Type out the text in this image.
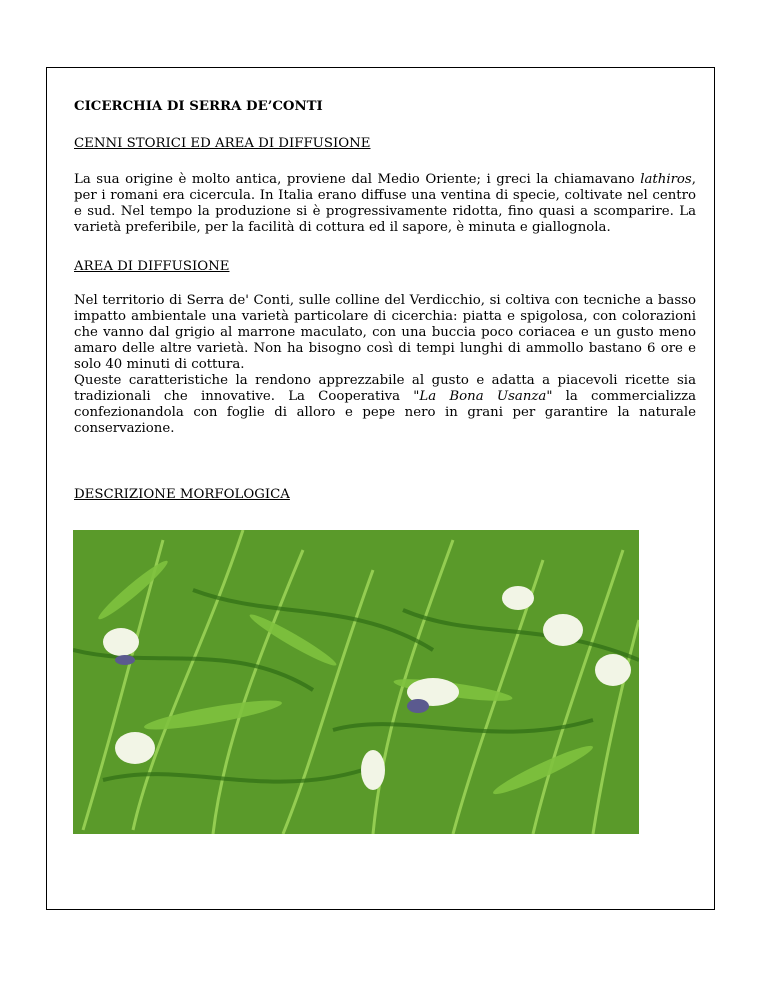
CICERCHIA DI SERRA DE’CONTI
CENNI STORICI ED AREA DI DIFFUSIONE

La sua origine è molto antica, proviene dal Medio Oriente; i greci la chiamavano lathiros, per i romani era cicercula. In Italia erano diffuse una ventina di specie, coltivate nel centro e sud. Nel tempo la produzione si è progressivamente ridotta, fino quasi a scomparire. La varietà preferibile, per la facilità di cottura ed il sapore, è minuta e giallognola.

AREA DI DIFFUSIONE

Nel territorio di Serra de' Conti, sulle colline del Verdicchio, si coltiva con tecniche a basso impatto ambientale una varietà particolare di cicerchia: piatta e spigolosa, con colorazioni che vanno dal grigio al marrone maculato, con una buccia poco coriacea e un gusto meno amaro delle altre varietà. Non ha bisogno così di tempi lunghi di ammollo bastano 6 ore e solo 40 minuti di cottura.

Queste caratteristiche la rendono apprezzabile al gusto e adatta a piacevoli ricette sia tradizionali che innovative. La Cooperativa "La Bona Usanza" la commercializza confezionandola con foglie di alloro e pepe nero in grani per garantire la naturale conservazione.

DESCRIZIONE MORFOLOGICA
